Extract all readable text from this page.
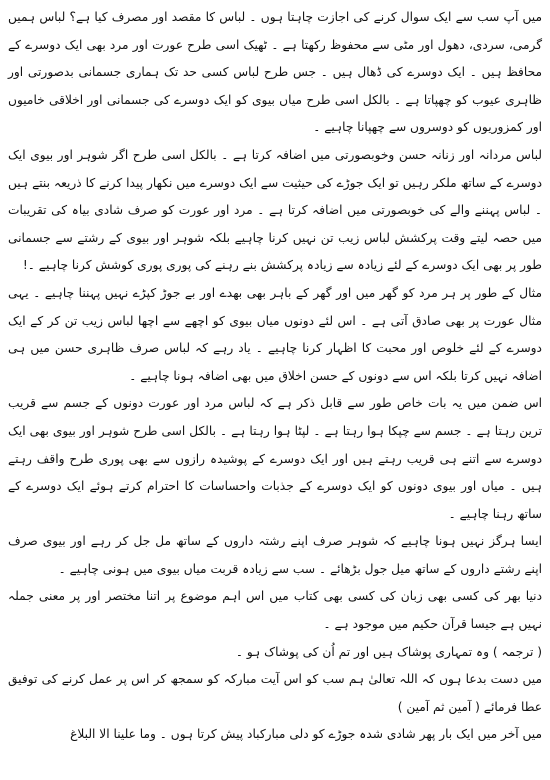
میں آپ سب سے ایک سوال کرنے کی اجازت چاہتا ہوں ۔ لباس کا مقصد اور مصرف کیا ہے؟ لباس ہمیں گرمی، سردی، دھول اور مٹی سے محفوظ رکھتا ہے ۔ ٹھیک اسی طرح عورت اور مرد بھی ایک دوسرے کے محافظ ہیں ۔ ایک دوسرے کی ڈھال ہیں ۔ جس طرح لباس کسی حد تک ہماری جسمانی بدصورتی اور ظاہری عیوب کو چھپاتا ہے ۔ بالکل اسی طرح میاں بیوی کو ایک دوسرے کی جسمانی اور اخلاقی خامیوں اور کمزوریوں کو دوسروں سے چھپانا چاہیے ۔

لباس مردانہ اور زنانہ حسن وخوبصورتی میں اضافہ کرتا ہے ۔ بالکل اسی طرح اگر شوہر اور بیوی ایک دوسرے کے ساتھ ملکر رہیں تو ایک جوڑے کی حیثیت سے ایک دوسرے میں نکھار پیدا کرنے کا ذریعہ بنتے ہیں ۔ لباس پہننے والے کی خوبصورتی میں اضافہ کرتا ہے ۔ مرد اور عورت کو صرف شادی بیاہ کی تقریبات میں حصہ لیتے وقت پرکشش لباس زیب تن نہیں کرنا چاہیے بلکہ شوہر اور بیوی کے رشتے سے جسمانی طور پر بھی ایک دوسرے کے لئے زیادہ سے زیادہ پرکشش بنے رہنے کی پوری پوری کوشش کرنا چاہیے ۔!

مثال کے طور پر ہر مرد کو گھر میں اور گھر کے باہر بھی بھدے اور بے جوڑ کپڑے نہیں پہننا چاہیے ۔ یہی مثال عورت پر بھی صادق آتی ہے ۔ اس لئے دونوں میاں بیوی کو اچھے سے اچھا لباس زیب تن کر کے ایک دوسرے کے لئے خلوص اور محبت کا اظہار کرنا چاہیے ۔ یاد رہے کہ لباس صرف ظاہری حسن میں ہی اضافہ نہیں کرتا بلکہ اس سے دونوں کے حسن اخلاق میں بھی اضافہ ہونا چاہیے ۔

اس ضمن میں یہ بات خاص طور سے قابل ذکر ہے کہ لباس مرد اور عورت دونوں کے جسم سے قریب ترین رہتا ہے ۔ جسم سے چپکا ہوا رہتا ہے ۔ لپٹا ہوا رہتا ہے ۔ بالکل اسی طرح شوہر اور بیوی بھی ایک دوسرے سے اتنے ہی قریب رہتے ہیں اور ایک دوسرے کے پوشیدہ رازوں سے بھی پوری طرح واقف رہتے ہیں ۔ میاں اور بیوی دونوں کو ایک دوسرے کے جذبات واحساسات کا احترام کرتے ہوئے ایک دوسرے کے ساتھ رہنا چاہیے ۔

ایسا ہرگز نہیں ہونا چاہیے کہ شوہر صرف اپنے رشتہ داروں کے ساتھ مل جل کر رہے اور بیوی صرف اپنے رشتے داروں کے ساتھ میل جول بڑھائے ۔ سب سے زیادہ قربت میاں بیوی میں ہونی چاہیے ۔

دنیا بھر کی کسی بھی زبان کی کسی بھی کتاب میں اس اہم موضوع پر اتنا مختصر اور پر معنی جملہ نہیں ہے جیسا قرآن حکیم میں موجود ہے ۔

( ترجمہ ) وہ تمہاری پوشاک ہیں اور تم اُن کی پوشاک ہو ۔

میں دست بدعا ہوں کہ اللہ تعالیٰ ہم سب کو اس آیت مبارکہ کو سمجھ کر اس پر عمل کرنے کی توفیق عطا فرمائے ( آمین ثم آمین )

میں آخر میں ایک بار پھر شادی شدہ جوڑے کو دلی مبارکباد پیش کرتا ہوں ۔ وما علینا الا البلاغ
